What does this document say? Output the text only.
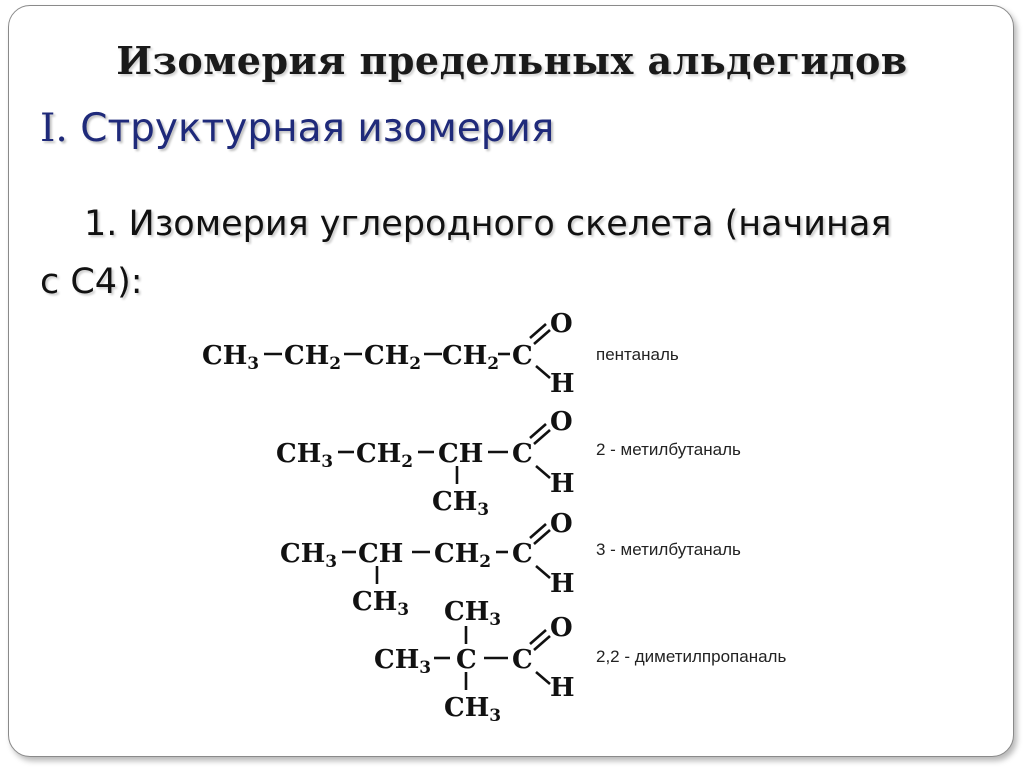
Изомерия предельных альдегидов
I. Структурная изомерия
1. Изомерия углеродного скелета (начиная
с С4):
CH3 CH2 CH2 CH2 C
O
H
пентаналь
CH3 CH2 CH C
O
H
CH3
2 - метилбутаналь
CH3 CH CH2 C
O
H
CH3
3 - метилбутаналь
CH3
CH3 C C
O
H
CH3
2,2 - диметилпропаналь
